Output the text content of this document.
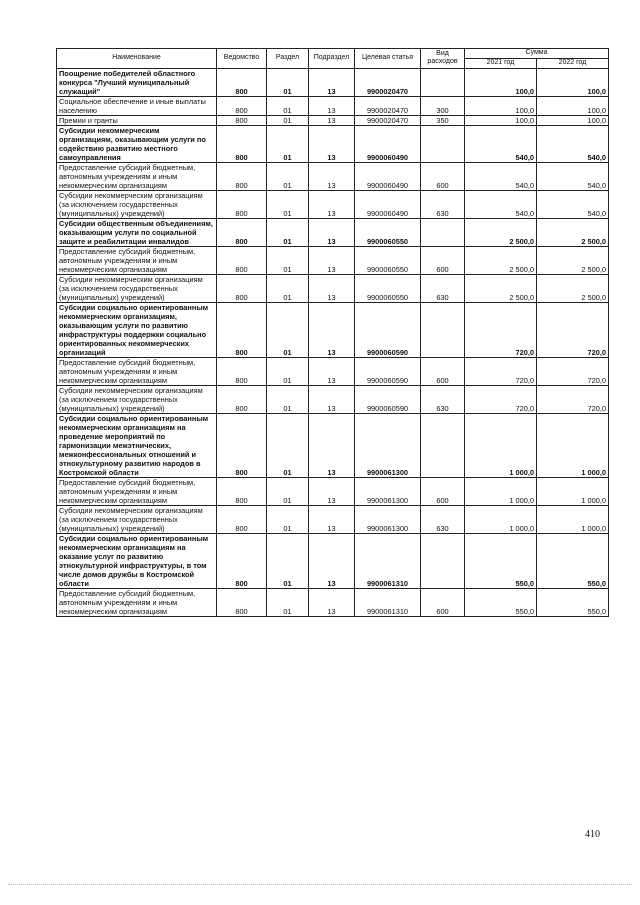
Наименование	Ведомство	Раздел	Подраздел	Целевая статья	Вид расходов	Сумма	
						2021 год	2022 год
Поощрение победителей областного конкурса "Лучший муниципальный служащий"	800	01	13	9900020470		100,0	100,0
Социальное обеспечение и иные выплаты населению	800	01	13	9900020470	300	100,0	100,0
Премии и гранты	800	01	13	9900020470	350	100,0	100,0
Субсидии некоммерческим организациям, оказывающим услуги по содействию развитию местного самоуправления	800	01	13	9900060490		540,0	540,0
Предоставление субсидий бюджетным, автономным учреждениям и иным некоммерческим организациям	800	01	13	9900060490	600	540,0	540,0
Субсидии некоммерческим организациям (за исключением государственных (муниципальных) учреждений)	800	01	13	9900060490	630	540,0	540,0
Субсидии общественным объединениям, оказывающим услуги по социальной защите и реабилитации инвалидов	800	01	13	9900060550		2 500,0	2 500,0
Предоставление субсидий бюджетным, автономным учреждениям и иным некоммерческим организациям	800	01	13	9900060550	600	2 500,0	2 500,0
Субсидии некоммерческим организациям (за исключением государственных (муниципальных) учреждений)	800	01	13	9900060550	630	2 500,0	2 500,0
Субсидии социально ориентированным некоммерческим организациям, оказывающим услуги по развитию инфраструктуры поддержки социально ориентированных некоммерческих организаций	800	01	13	9900060590		720,0	720,0
Предоставление субсидий бюджетным, автономным учреждениям и иным некоммерческим организациям	800	01	13	9900060590	600	720,0	720,0
Субсидии некоммерческим организациям (за исключением государственных (муниципальных) учреждений)	800	01	13	9900060590	630	720,0	720,0
Субсидии социально ориентированным некоммерческим организациям на проведение мероприятий по гармонизации межэтнических, межконфессиональных отношений и этнокультурному развитию народов в Костромской области	800	01	13	9900061300		1 000,0	1 000,0
Предоставление субсидий бюджетным, автономным учреждениям и иным некоммерческим организациям	800	01	13	9900061300	600	1 000,0	1 000,0
Субсидии некоммерческим организациям (за исключением государственных (муниципальных) учреждений)	800	01	13	9900061300	630	1 000,0	1 000,0
Субсидии социально ориентированным некоммерческим организациям на оказание услуг по развитию этнокультурной инфраструктуры, в том числе домов дружбы в Костромской области	800	01	13	9900061310		550,0	550,0
Предоставление субсидий бюджетным, автономным учреждениям и иным некоммерческим организациям	800	01	13	9900061310	600	550,0	550,0
410
